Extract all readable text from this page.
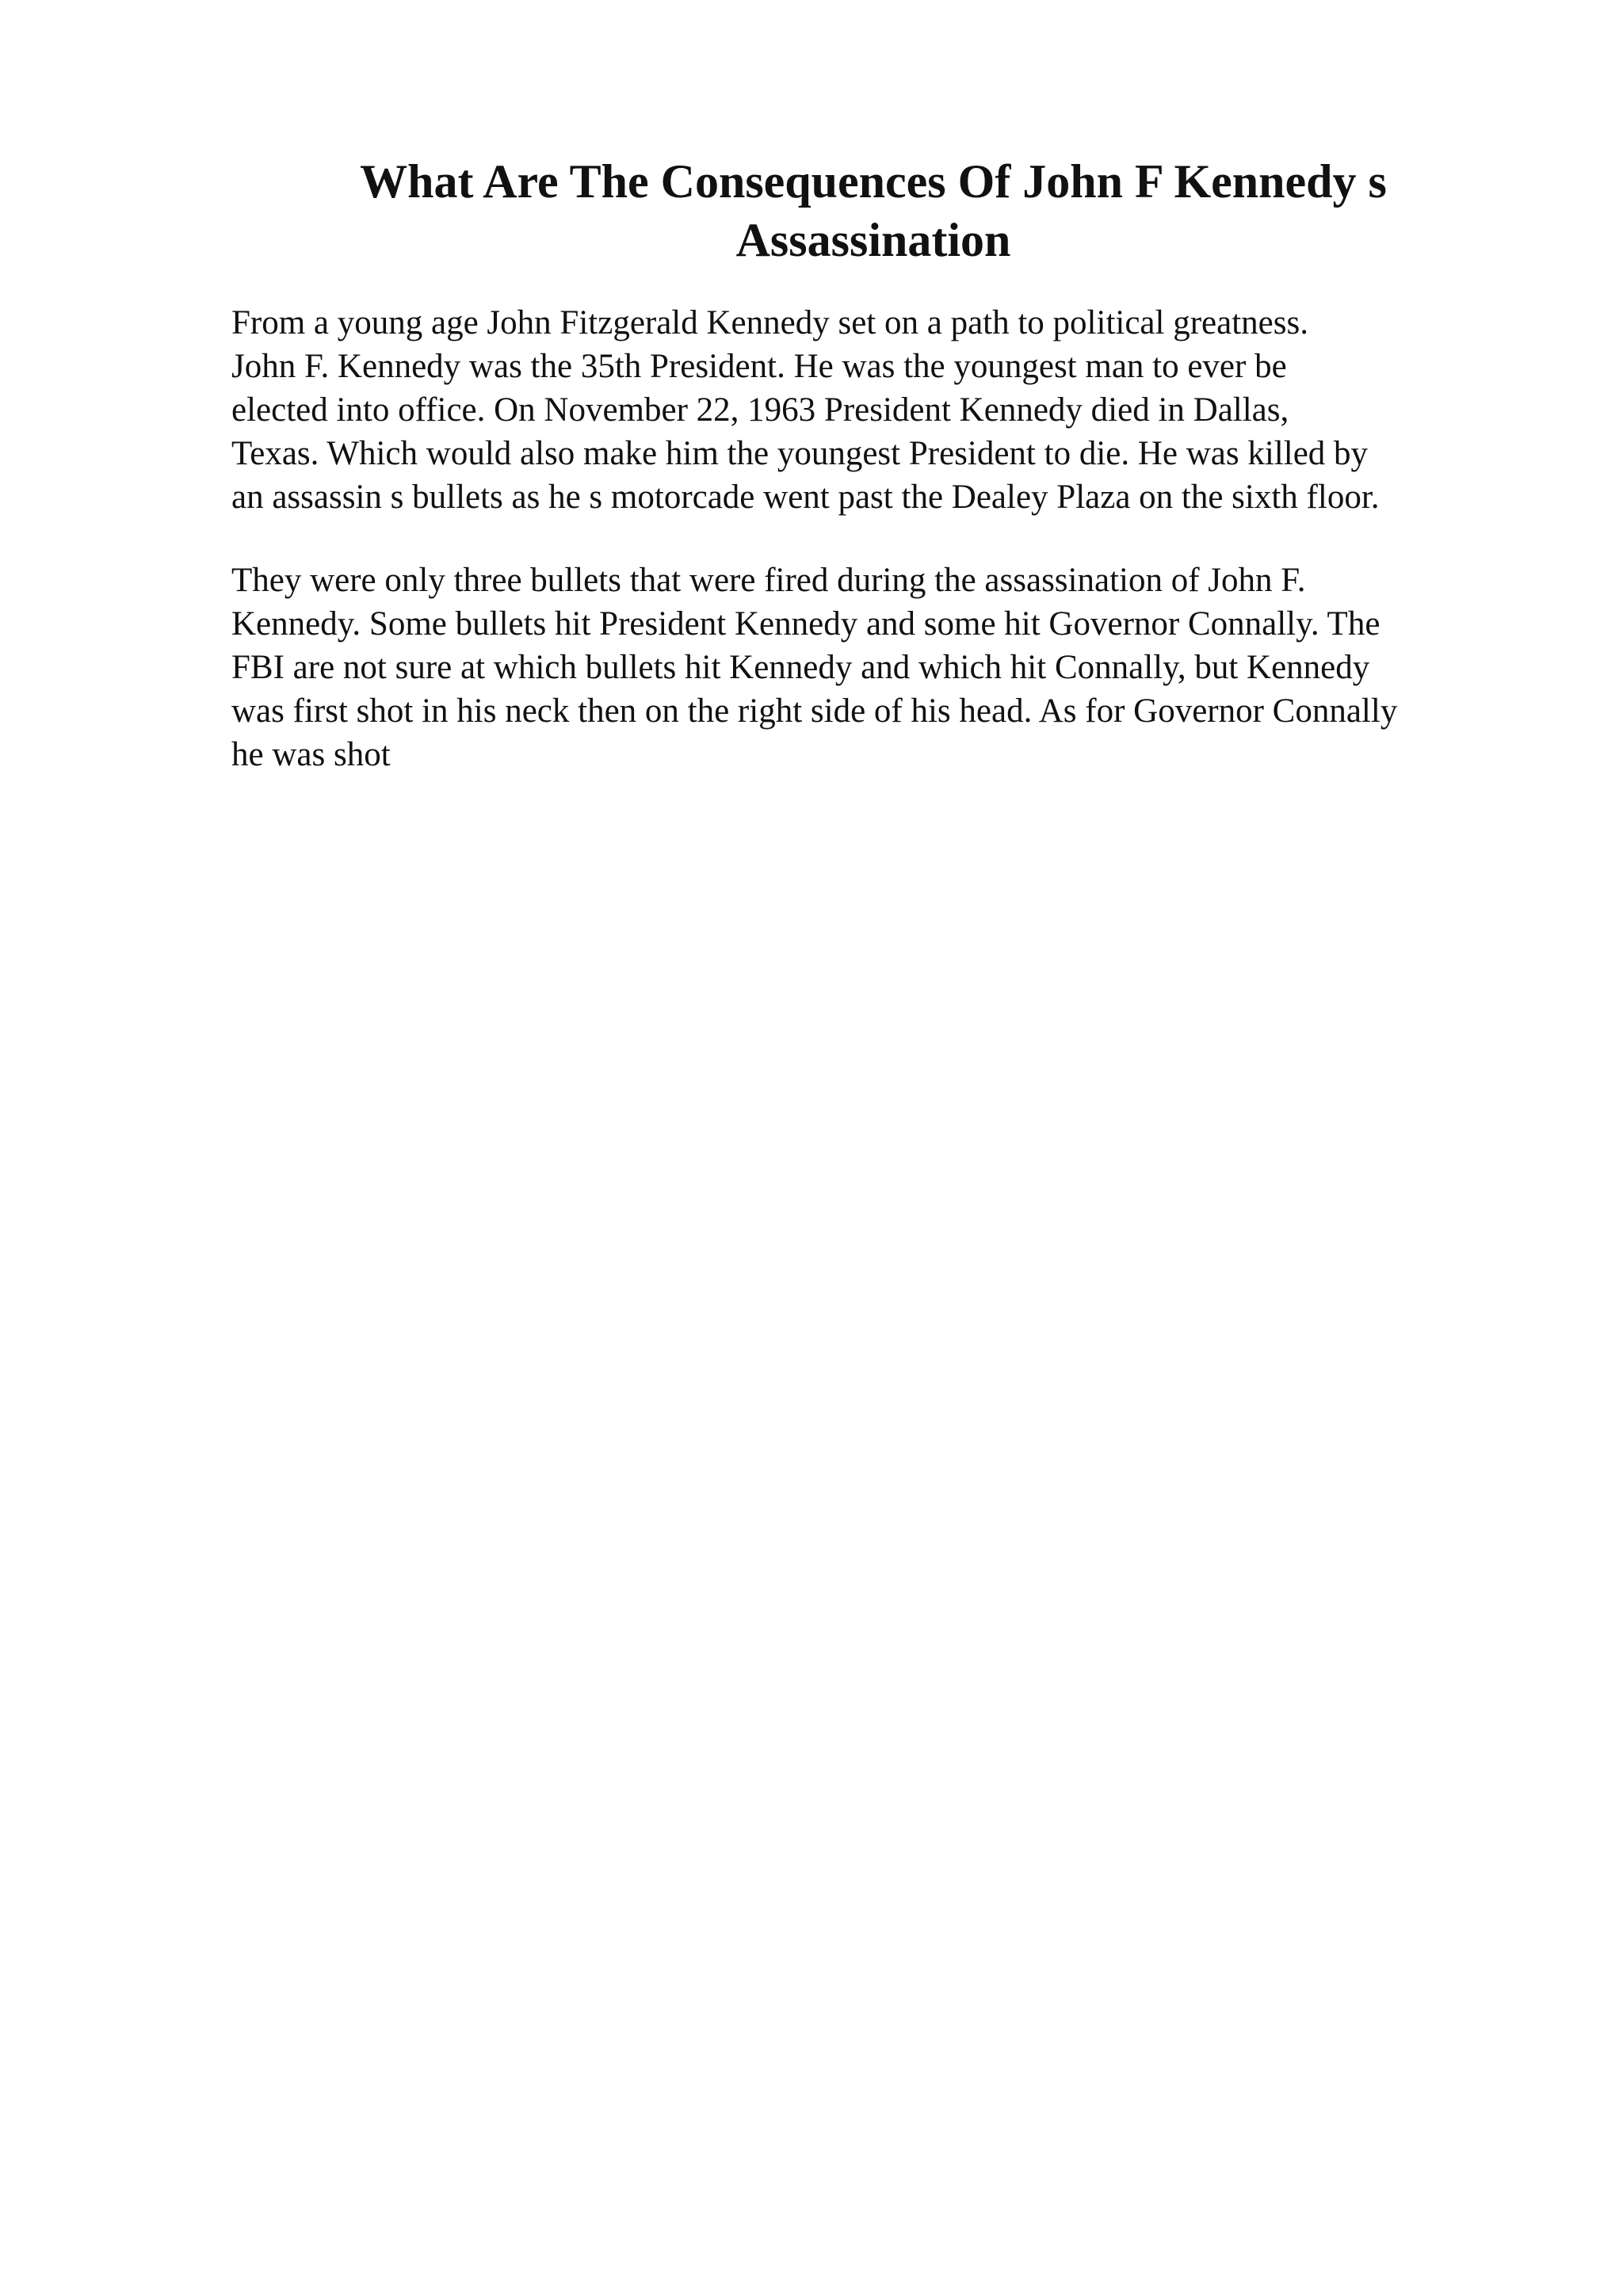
What Are The Consequences Of John F Kennedy s
Assassination
From a young age John Fitzgerald Kennedy set on a path to political greatness.
John F. Kennedy was the 35th President. He was the youngest man to ever be
elected into office. On November 22, 1963 President Kennedy died in Dallas,
Texas. Which would also make him the youngest President to die. He was killed by
an assassin s bullets as he s motorcade went past the Dealey Plaza on the sixth floor.
They were only three bullets that were fired during the assassination of John F.
Kennedy. Some bullets hit President Kennedy and some hit Governor Connally. The
FBI are not sure at which bullets hit Kennedy and which hit Connally, but Kennedy
was first shot in his neck then on the right side of his head. As for Governor Connally
he was shot
